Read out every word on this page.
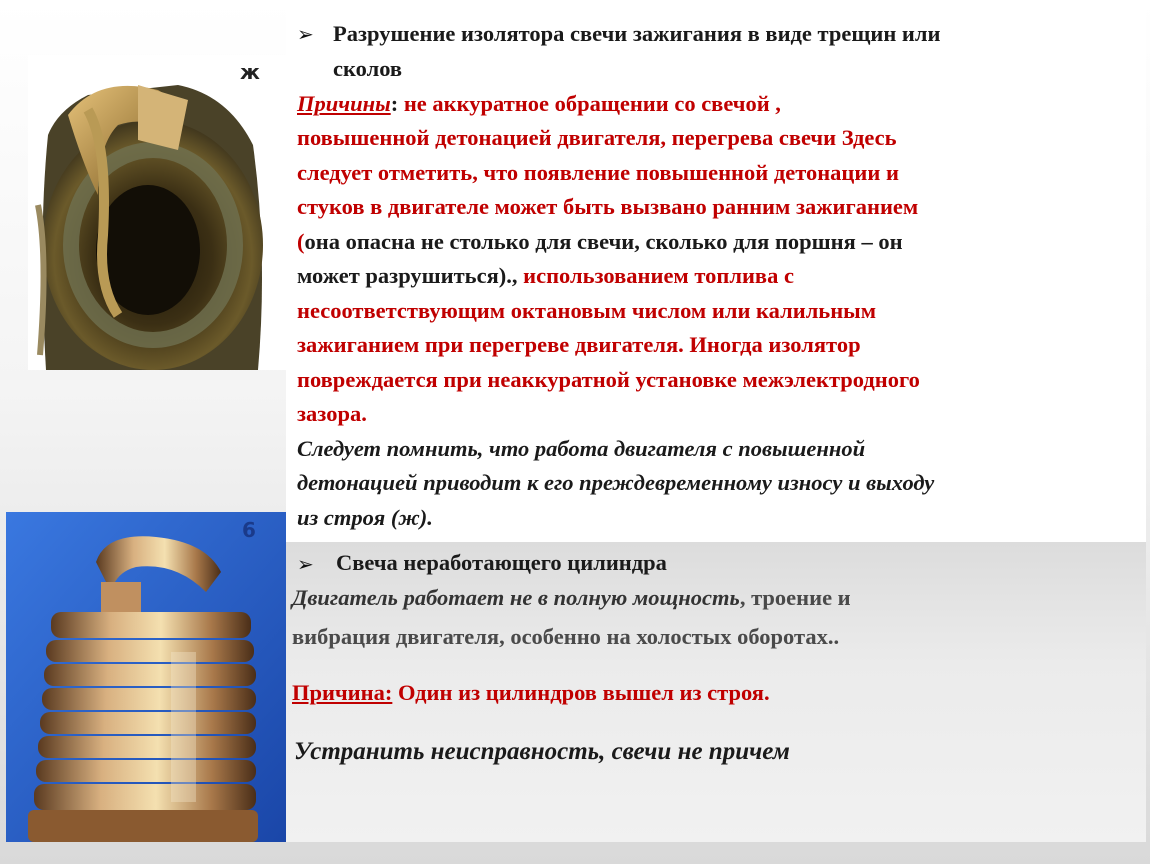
ж
6
➢ Разрушение изолятора свечи зажигания в виде трещин или
сколов
Причины: не аккуратное обращении со свечой ,
повышенной детонацией двигателя, перегрева свечи Здесь
следует отметить, что появление повышенной детонации и
стуков в двигателе может быть вызвано ранним зажиганием
(она опасна не столько для свечи, сколько для поршня – он
может разрушиться)., использованием топлива с
несоответствующим октановым числом или калильным
зажиганием при перегреве двигателя. Иногда изолятор
повреждается при неаккуратной установке межэлектродного
зазора.
Следует помнить, что работа двигателя с повышенной
детонацией приводит к его преждевременному износу и выходу
из строя (ж).
➢ Свеча неработающего цилиндра
Двигатель работает не в полную мощность, троение и
вибрация двигателя, особенно на холостых оборотах..
Причина: Один из цилиндров вышел из строя.
Устранить неисправность, свечи не причем
